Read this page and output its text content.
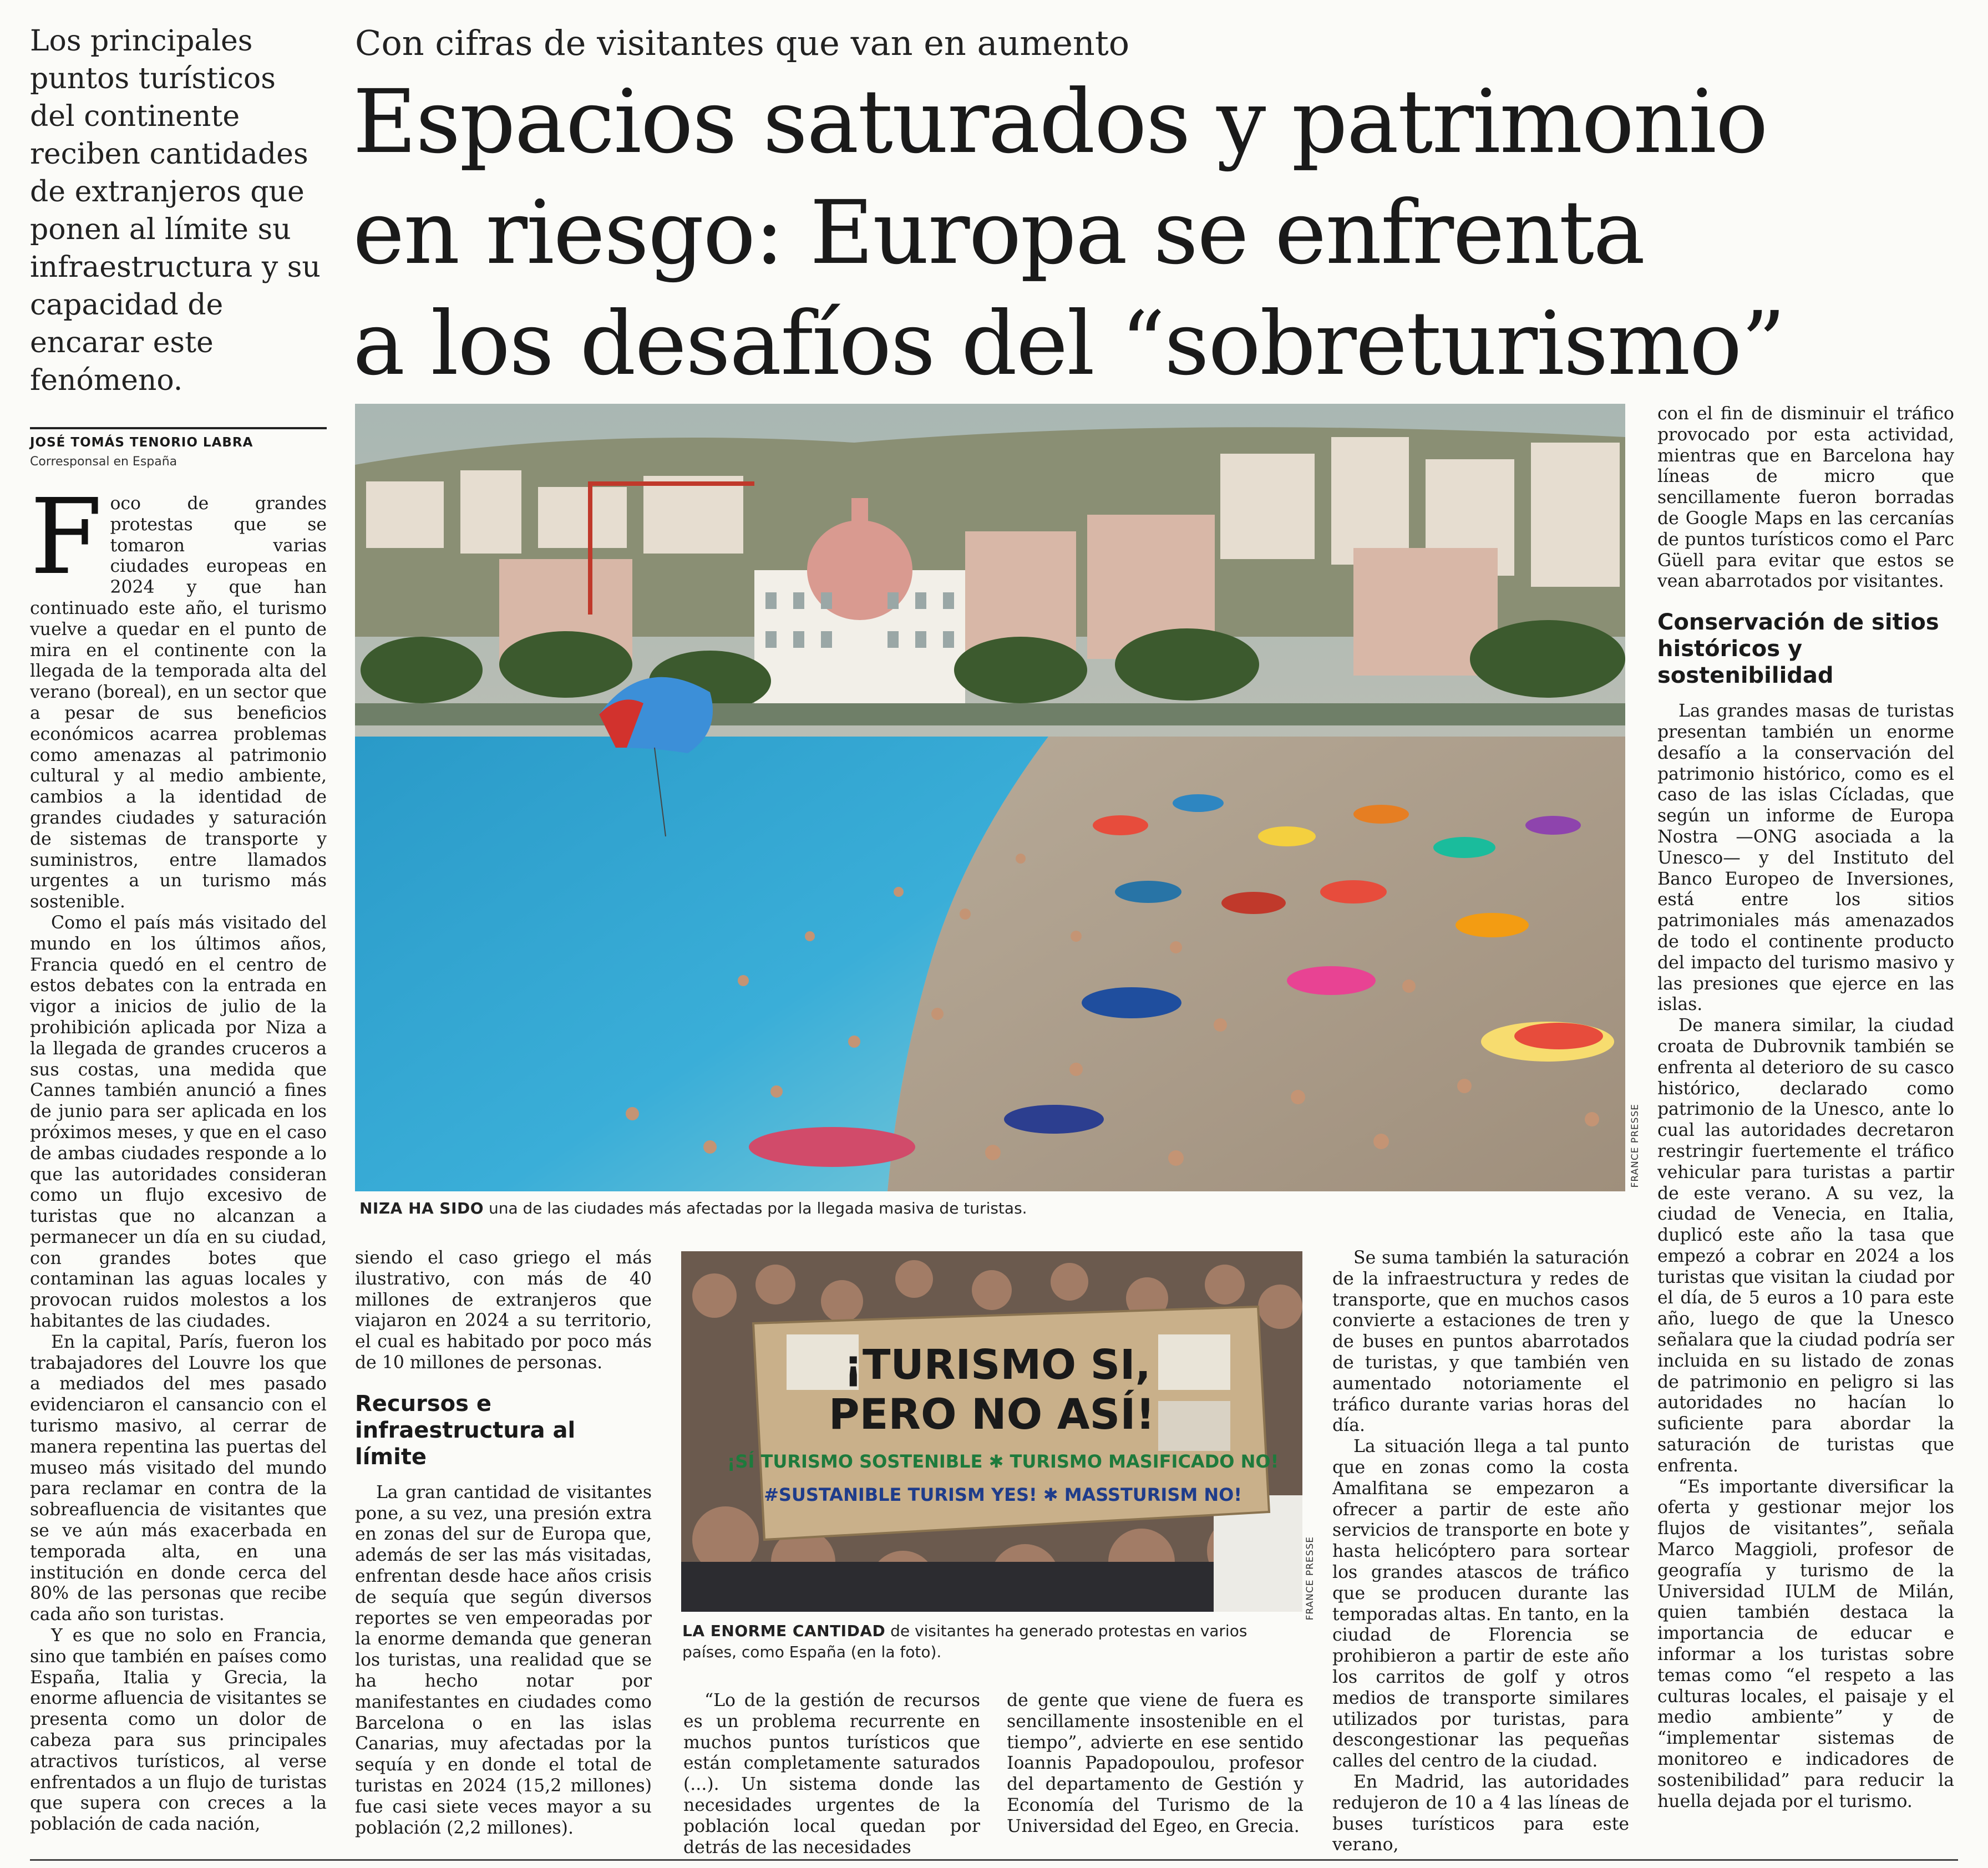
Los principales puntos turísticos del continente reciben cantidades de extranjeros que ponen al límite su infraestructura y su capacidad de encarar este fenómeno.
Con cifras de visitantes que van en aumento
Espacios saturados y patrimonio
en riesgo: Europa se enfrenta
a los desafíos del “sobreturismo”
JOSÉ TOMÁS TENORIO LABRA
Corresponsal en España

Foco de grandes protestas que se tomaron varias ciudades europeas en 2024 y que han continuado este año, el turismo vuelve a quedar en el punto de mira en el continente con la llegada de la temporada alta del verano (boreal), en un sector que a pesar de sus beneficios económicos acarrea problemas como amenazas al patrimonio cultural y al medio ambiente, cambios a la identidad de grandes ciudades y saturación de sistemas de transporte y suministros, entre llamados urgentes a un turismo más sostenible.

Como el país más visitado del mundo en los últimos años, Francia quedó en el centro de estos debates con la entrada en vigor a inicios de julio de la prohibición aplicada por Niza a la llegada de grandes cruceros a sus costas, una medida que Cannes también anunció a fines de junio para ser aplicada en los próximos meses, y que en el caso de ambas ciudades responde a lo que las autoridades consideran como un flujo excesivo de turistas que no alcanzan a permanecer un día en su ciudad, con grandes botes que contaminan las aguas locales y provocan ruidos molestos a los habitantes de las ciudades.

En la capital, París, fueron los trabajadores del Louvre los que a mediados del mes pasado evidenciaron el cansancio con el turismo masivo, al cerrar de manera repentina las puertas del museo más visitado del mundo para reclamar en contra de la sobreafluencia de visitantes que se ve aún más exacerbada en temporada alta, en una institución en donde cerca del 80% de las personas que recibe cada año son turistas.

Y es que no solo en Francia, sino que también en países como España, Italia y Grecia, la enorme afluencia de visitantes se presenta como un dolor de cabeza para sus principales atractivos turísticos, al verse enfrentados a un flujo de turistas que supera con creces a la población de cada nación,

FRANCE PRESSE
NIZA HA SIDO una de las ciudades más afectadas por la llegada masiva de turistas.

siendo el caso griego el más ilustrativo, con más de 40 millones de extranjeros que viajaron en 2024 a su territorio, el cual es habitado por poco más de 10 millones de personas.

Recursos e infraestructura al límite

La gran cantidad de visitantes pone, a su vez, una presión extra en zonas del sur de Europa que, además de ser las más visitadas, enfrentan desde hace años crisis de sequía que según diversos reportes se ven empeoradas por la enorme demanda que generan los turistas, una realidad que se ha hecho notar por manifestantes en ciudades como Barcelona o en las islas Canarias, muy afectadas por la sequía y en donde el total de turistas en 2024 (15,2 millones) fue casi siete veces mayor a su población (2,2 millones).

¡TURISMO SI,
PERO NO ASÍ!
¡SÍ TURISMO SOSTENIBLE ✱ TURISMO MASIFICADO NO!
#SUSTANIBLE TURISM YES! ✱ MASSTURISM NO!
FRANCE PRESSE
LA ENORME CANTIDAD de visitantes ha generado protestas en varios países, como España (en la foto).

“Lo de la gestión de recursos es un problema recurrente en muchos puntos turísticos que están completamente saturados (...). Un sistema donde las necesidades urgentes de la población local quedan por detrás de las necesidades

de gente que viene de fuera es sencillamente insostenible en el tiempo”, advierte en ese sentido Ioannis Papadopoulou, profesor del departamento de Gestión y Economía del Turismo de la Universidad del Egeo, en Grecia.

Se suma también la saturación de la infraestructura y redes de transporte, que en muchos casos convierte a estaciones de tren y de buses en puntos abarrotados de turistas, y que también ven aumentado notoriamente el tráfico durante varias horas del día.

La situación llega a tal punto que en zonas como la costa Amalfitana se empezaron a ofrecer a partir de este año servicios de transporte en bote y hasta helicóptero para sortear los grandes atascos de tráfico que se producen durante las temporadas altas. En tanto, en la ciudad de Florencia se prohibieron a partir de este año los carritos de golf y otros medios de transporte similares utilizados por turistas, para descongestionar las pequeñas calles del centro de la ciudad.

En Madrid, las autoridades redujeron de 10 a 4 las líneas de buses turísticos para este verano,

con el fin de disminuir el tráfico provocado por esta actividad, mientras que en Barcelona hay líneas de micro que sencillamente fueron borradas de Google Maps en las cercanías de puntos turísticos como el Parc Güell para evitar que estos se vean abarrotados por visitantes.

Conservación de sitios históricos y sostenibilidad

Las grandes masas de turistas presentan también un enorme desafío a la conservación del patrimonio histórico, como es el caso de las islas Cícladas, que según un informe de Europa Nostra —ONG asociada a la Unesco— y del Instituto del Banco Europeo de Inversiones, está entre los sitios patrimoniales más amenazados de todo el continente producto del impacto del turismo masivo y las presiones que ejerce en las islas.

De manera similar, la ciudad croata de Dubrovnik también se enfrenta al deterioro de su casco histórico, declarado como patrimonio de la Unesco, ante lo cual las autoridades decretaron restringir fuertemente el tráfico vehicular para turistas a partir de este verano. A su vez, la ciudad de Venecia, en Italia, duplicó este año la tasa que empezó a cobrar en 2024 a los turistas que visitan la ciudad por el día, de 5 euros a 10 para este año, luego de que la Unesco señalara que la ciudad podría ser incluida en su listado de zonas de patrimonio en peligro si las autoridades no hacían lo suficiente para abordar la saturación de turistas que enfrenta.

“Es importante diversificar la oferta y gestionar mejor los flujos de visitantes”, señala Marco Maggioli, profesor de geografía y turismo de la Universidad IULM de Milán, quien también destaca la importancia de educar e informar a los turistas sobre temas como “el respeto a las culturas locales, el paisaje y el medio ambiente” y de “implementar sistemas de monitoreo e indicadores de sostenibilidad” para reducir la huella dejada por el turismo.
